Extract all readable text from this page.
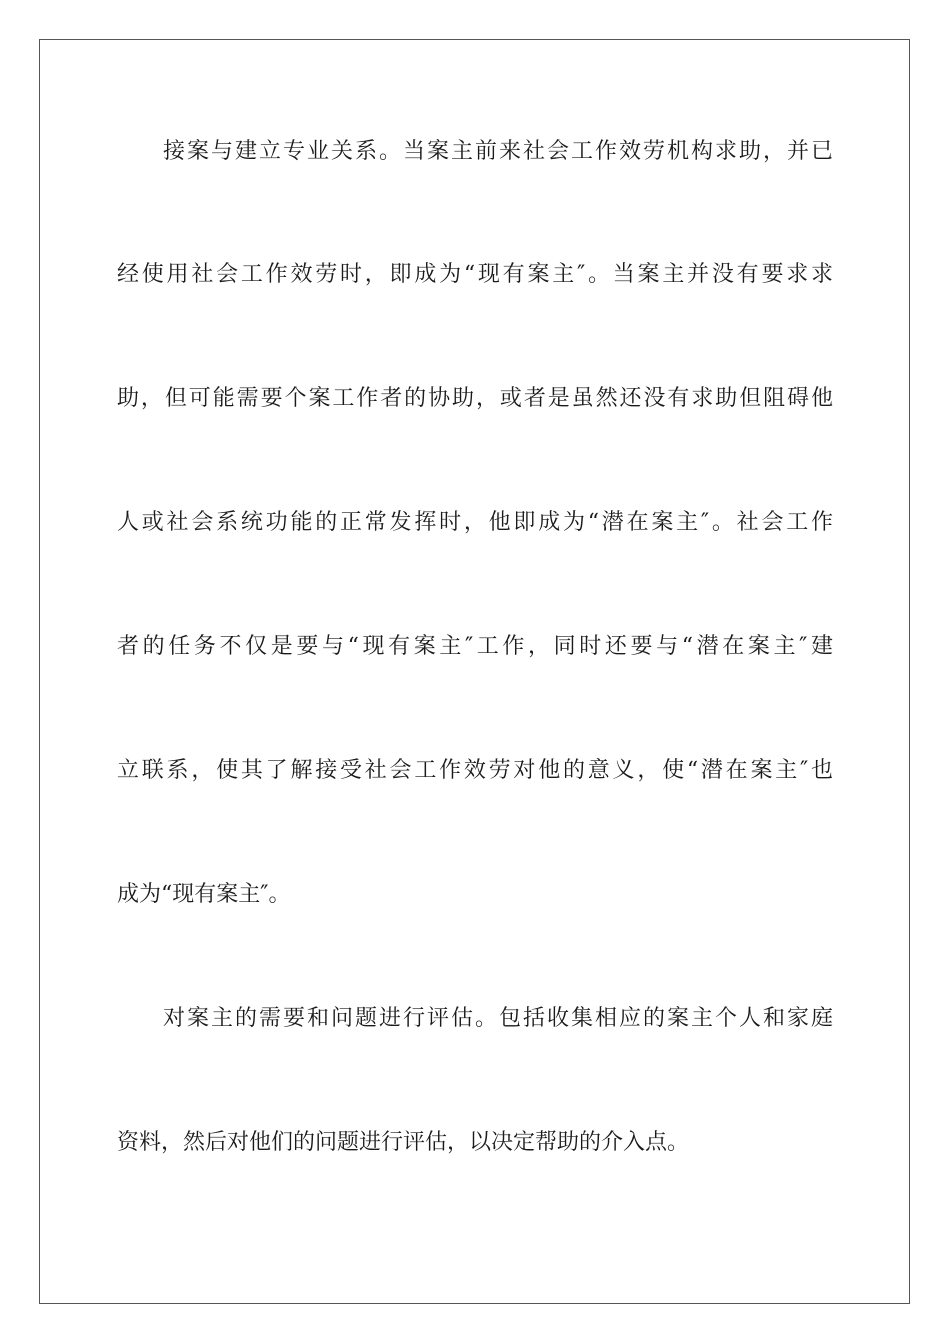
接案与建立专业关系。当案主前来社会工作效劳机构求助，并已
经使用社会工作效劳时，即成为“现有案主″。当案主并没有要求求
助，但可能需要个案工作者的协助，或者是虽然还没有求助但阻碍他
人或社会系统功能的正常发挥时，他即成为“潜在案主″。社会工作
者的任务不仅是要与“现有案主″工作，同时还要与“潜在案主″建
立联系，使其了解接受社会工作效劳对他的意义，使“潜在案主″也
成为“现有案主″。
对案主的需要和问题进行评估。包括收集相应的案主个人和家庭
资料，然后对他们的问题进行评估，以决定帮助的介入点。
